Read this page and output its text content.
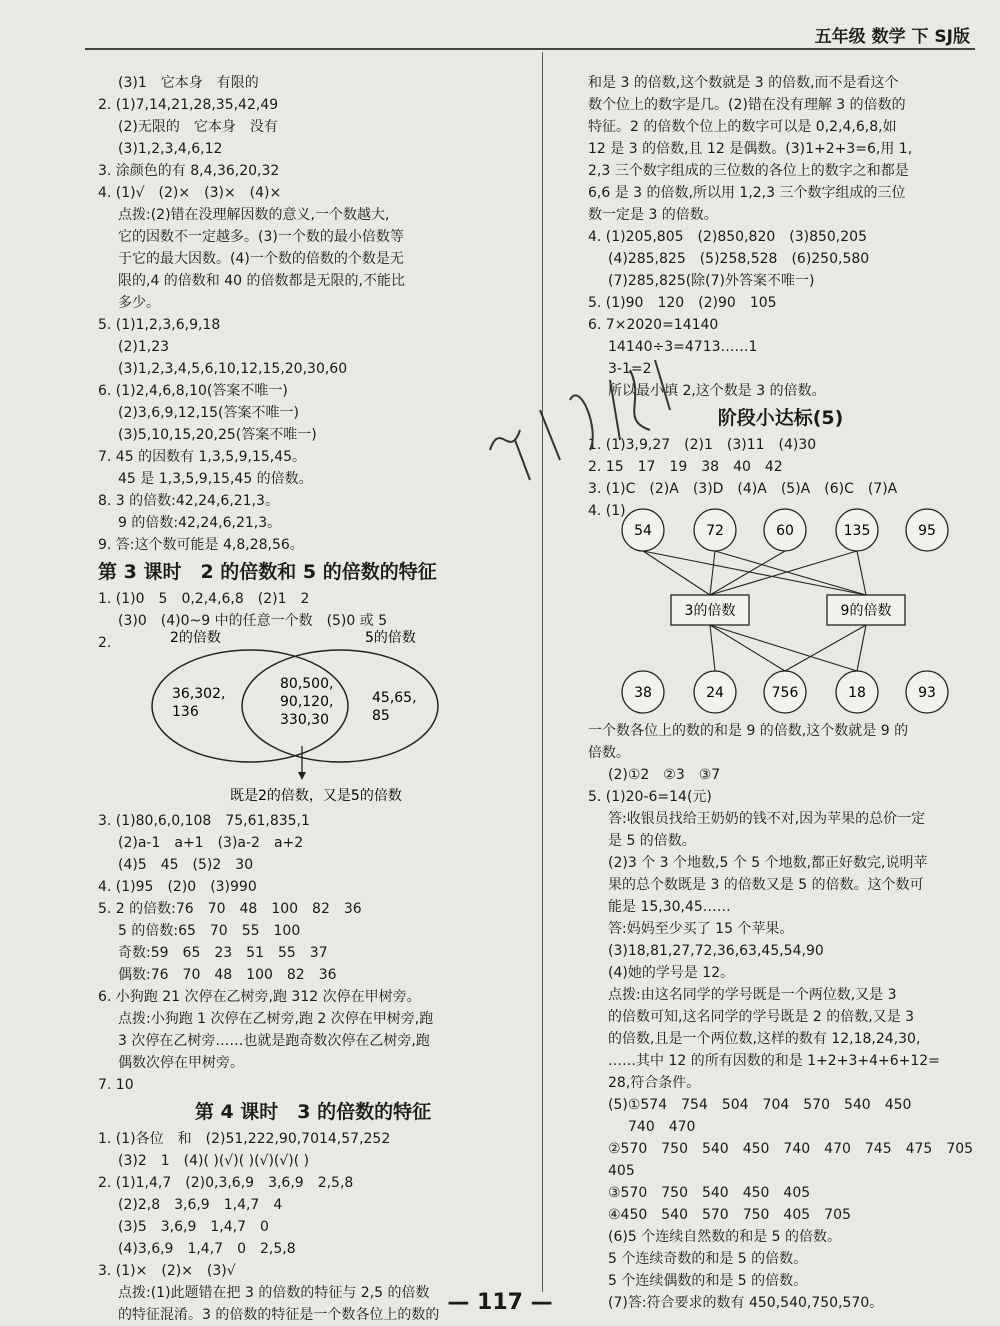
五年级 数学 下 SJ版
(3)1　它本身　有限的
2. (1)7,14,21,28,35,42,49
(2)无限的　它本身　没有
(3)1,2,3,4,6,12
3. 涂颜色的有 8,4,36,20,32
4. (1)√　(2)×　(3)×　(4)×
点拨:(2)错在没理解因数的意义,一个数越大,
它的因数不一定越多。(3)一个数的最小倍数等
于它的最大因数。(4)一个数的倍数的个数是无
限的,4 的倍数和 40 的倍数都是无限的,不能比
多少。
5. (1)1,2,3,6,9,18
(2)1,23
(3)1,2,3,4,5,6,10,12,15,20,30,60
6. (1)2,4,6,8,10(答案不唯一)
(2)3,6,9,12,15(答案不唯一)
(3)5,10,15,20,25(答案不唯一)
7. 45 的因数有 1,3,5,9,15,45。
45 是 1,3,5,9,15,45 的倍数。
8. 3 的倍数:42,24,6,21,3。
9 的倍数:42,24,6,21,3。
9. 答:这个数可能是 4,8,28,56。
第 3 课时　2 的倍数和 5 的倍数的特征
1. (1)0　5　0,2,4,6,8　(2)1　2
(3)0　(4)0~9 中的任意一个数　(5)0 或 5
2.	2的倍数	5的倍数
36,302,
136
80,500,
90,120,
330,30
45,65,
85
既是2的倍数，又是5的倍数
3. (1)80,6,0,108　75,61,835,1
(2)a-1　a+1　(3)a-2　a+2
(4)5　45　(5)2　30
4. (1)95　(2)0　(3)990
5. 2 的倍数:76　70　48　100　82　36
5 的倍数:65　70　55　100
奇数:59　65　23　51　55　37
偶数:76　70　48　100　82　36
6. 小狗跑 21 次停在乙树旁,跑 312 次停在甲树旁。
点拨:小狗跑 1 次停在乙树旁,跑 2 次停在甲树旁,跑
3 次停在乙树旁……也就是跑奇数次停在乙树旁,跑
偶数次停在甲树旁。
7. 10
第 4 课时　3 的倍数的特征
1. (1)各位　和　(2)51,222,90,7014,57,252
(3)2　1　(4)( )(√)( )(√)(√)( )
2. (1)1,4,7　(2)0,3,6,9　3,6,9　2,5,8
(2)2,8　3,6,9　1,4,7　4
(3)5　3,6,9　1,4,7　0
(4)3,6,9　1,4,7　0　2,5,8
3. (1)×　(2)×　(3)√
点拨:(1)此题错在把 3 的倍数的特征与 2,5 的倍数
的特征混淆。3 的倍数的特征是一个数各位上的数的
和是 3 的倍数,这个数就是 3 的倍数,而不是看这个
数个位上的数字是几。(2)错在没有理解 3 的倍数的
特征。2 的倍数个位上的数字可以是 0,2,4,6,8,如
12 是 3 的倍数,且 12 是偶数。(3)1+2+3=6,用 1,
2,3 三个数字组成的三位数的各位上的数字之和都是
6,6 是 3 的倍数,所以用 1,2,3 三个数字组成的三位
数一定是 3 的倍数。
4. (1)205,805　(2)850,820　(3)850,205
(4)285,825　(5)258,528　(6)250,580
(7)285,825(除(7)外答案不唯一)
5. (1)90　120　(2)90　105
6. 7×2020=14140
14140÷3=4713……1
3-1=2
所以最小填 2,这个数是 3 的倍数。
阶段小达标(5)
1. (1)3,9,27　(2)1　(3)11　(4)30
2. 15　17　19　38　40　42
3. (1)C　(2)A　(3)D　(4)A　(5)A　(6)C　(7)A
4. (1)
54	72	60	135	95
3的倍数	9的倍数
38	24	756	18	93
一个数各位上的数的和是 9 的倍数,这个数就是 9 的
倍数。
(2)①2　②3　③7
5. (1)20-6=14(元)
答:收银员找给王奶奶的钱不对,因为苹果的总价一定
是 5 的倍数。
(2)3 个 3 个地数,5 个 5 个地数,都正好数完,说明苹
果的总个数既是 3 的倍数又是 5 的倍数。这个数可
能是 15,30,45……
答:妈妈至少买了 15 个苹果。
(3)18,81,27,72,36,63,45,54,90
(4)她的学号是 12。
点拨:由这名同学的学号既是一个两位数,又是 3
的倍数可知,这名同学的学号既是 2 的倍数,又是 3
的倍数,且是一个两位数,这样的数有 12,18,24,30,
……其中 12 的所有因数的和是 1+2+3+4+6+12=
28,符合条件。
(5)①574　754　504　704　570　540　450
740　470
②570　750　540　450　740　470　745　475　705
405
③570　750　540　450　405
④450　540　570　750　405　705
(6)5 个连续自然数的和是 5 的倍数。
5 个连续奇数的和是 5 的倍数。
5 个连续偶数的和是 5 的倍数。
(7)答:符合要求的数有 450,540,750,570。
— 117 —
